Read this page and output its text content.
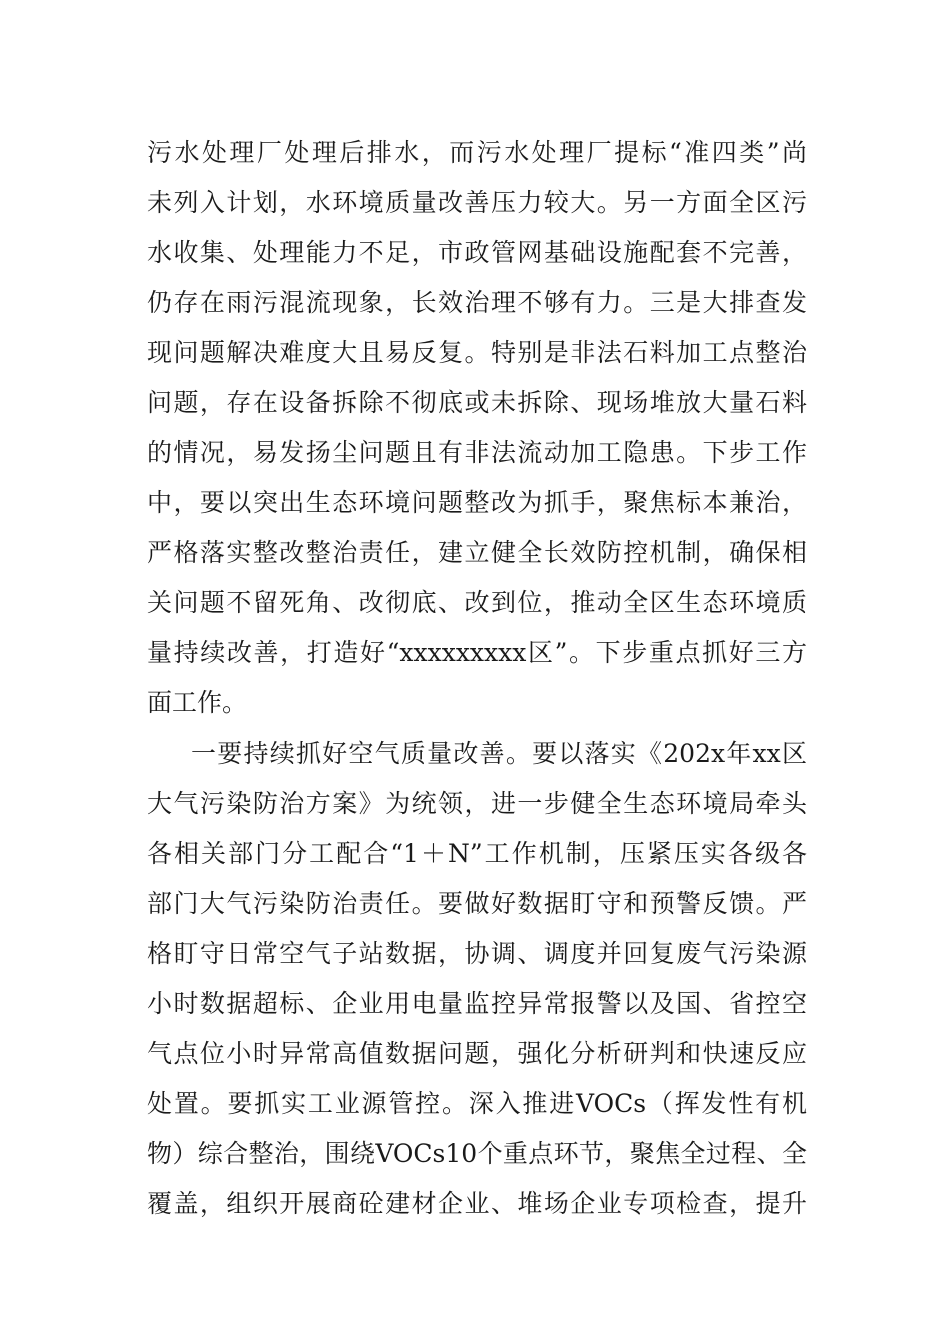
污水处理厂处理后排水，而污水处理厂提标“准四类”尚
未列入计划，水环境质量改善压力较大。另一方面全区污
水收集、处理能力不足，市政管网基础设施配套不完善，
仍存在雨污混流现象，长效治理不够有力。三是大排查发
现问题解决难度大且易反复。特别是非法石料加工点整治
问题，存在设备拆除不彻底或未拆除、现场堆放大量石料
的情况，易发扬尘问题且有非法流动加工隐患。下步工作
中，要以突出生态环境问题整改为抓手，聚焦标本兼治，
严格落实整改整治责任，建立健全长效防控机制，确保相
关问题不留死角、改彻底、改到位，推动全区生态环境质
量持续改善，打造好“xxxxxxxxx区”。下步重点抓好三方
面工作。
一要持续抓好空气质量改善。要以落实《202x年xx区
大气污染防治方案》为统领，进一步健全生态环境局牵头
各相关部门分工配合“1＋N”工作机制，压紧压实各级各
部门大气污染防治责任。要做好数据盯守和预警反馈。严
格盯守日常空气子站数据，协调、调度并回复废气污染源
小时数据超标、企业用电量监控异常报警以及国、省控空
气点位小时异常高值数据问题，强化分析研判和快速反应
处置。要抓实工业源管控。深入推进VOCs（挥发性有机
物）综合整治，围绕VOCs10个重点环节，聚焦全过程、全
覆盖，组织开展商砼建材企业、堆场企业专项检查，提升
